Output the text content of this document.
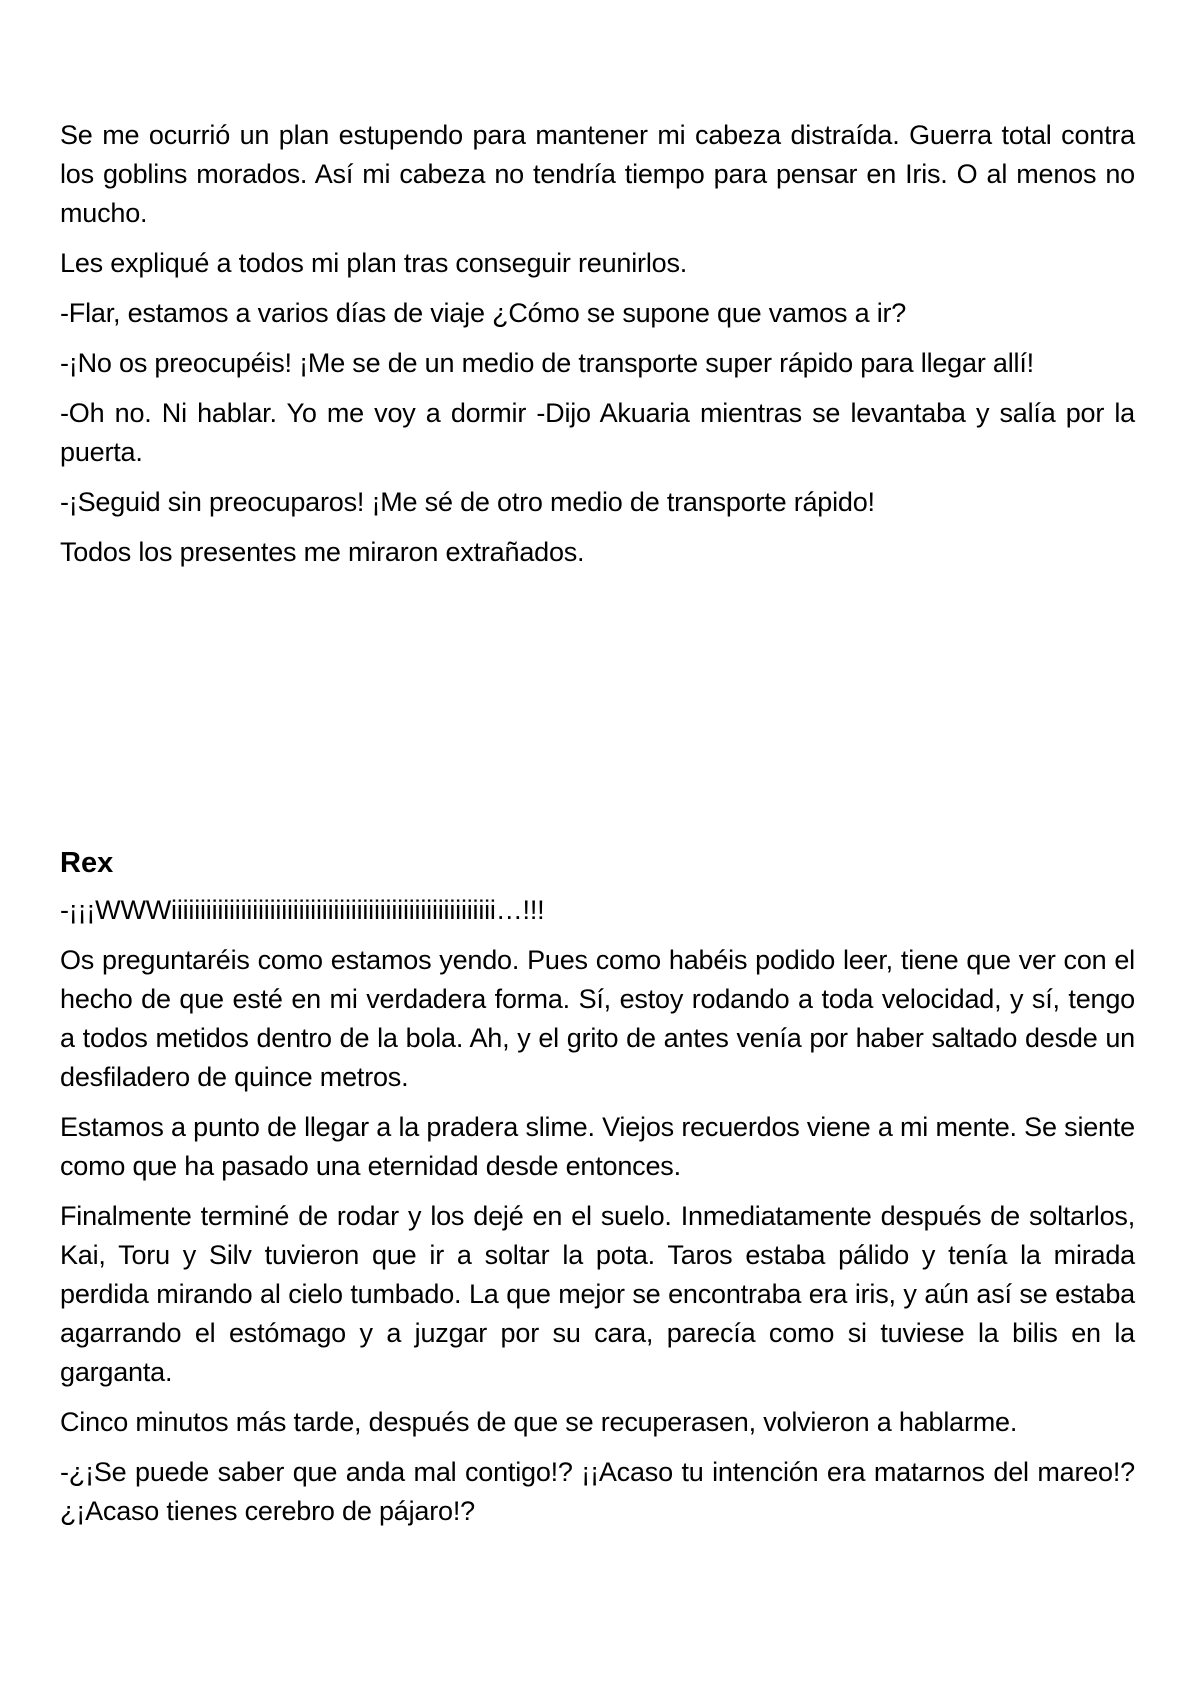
Se me ocurrió un plan estupendo para mantener mi cabeza distraída. Guerra total contra los goblins morados. Así mi cabeza no tendría tiempo para pensar en Iris. O al menos no mucho.

Les expliqué a todos mi plan tras conseguir reunirlos.

-Flar, estamos a varios días de viaje ¿Cómo se supone que vamos a ir?

-¡No os preocupéis! ¡Me se de un medio de transporte super rápido para llegar allí!

-Oh no. Ni hablar. Yo me voy a dormir -Dijo Akuaria mientras se levantaba y salía por la puerta.

-¡Seguid sin preocuparos! ¡Me sé de otro medio de transporte rápido!

Todos los presentes me miraron extrañados.

Rex

-¡¡¡WWWiiiiiiiiiiiiiiiiiiiiiiiiiiiiiiiiiiiiiiiiiiiiiiiiiiiiiiii…!!!

Os preguntaréis como estamos yendo. Pues como habéis podido leer, tiene que ver con el hecho de que esté en mi verdadera forma. Sí, estoy rodando a toda velocidad, y sí, tengo a todos metidos dentro de la bola. Ah, y el grito de antes venía por haber saltado desde un desfiladero de quince metros.

Estamos a punto de llegar a la pradera slime. Viejos recuerdos viene a mi mente. Se siente como que ha pasado una eternidad desde entonces.

Finalmente terminé de rodar y los dejé en el suelo. Inmediatamente después de soltarlos, Kai, Toru y Silv tuvieron que ir a soltar la pota. Taros estaba pálido y tenía la mirada perdida mirando al cielo tumbado. La que mejor se encontraba era iris, y aún así se estaba agarrando el estómago y a juzgar por su cara, parecía como si tuviese la bilis en la garganta.

Cinco minutos más tarde, después de que se recuperasen, volvieron a hablarme.

-¿¡Se puede saber que anda mal contigo!? ¡¡Acaso tu intención era matarnos del mareo!? ¿¡Acaso tienes cerebro de pájaro!?
